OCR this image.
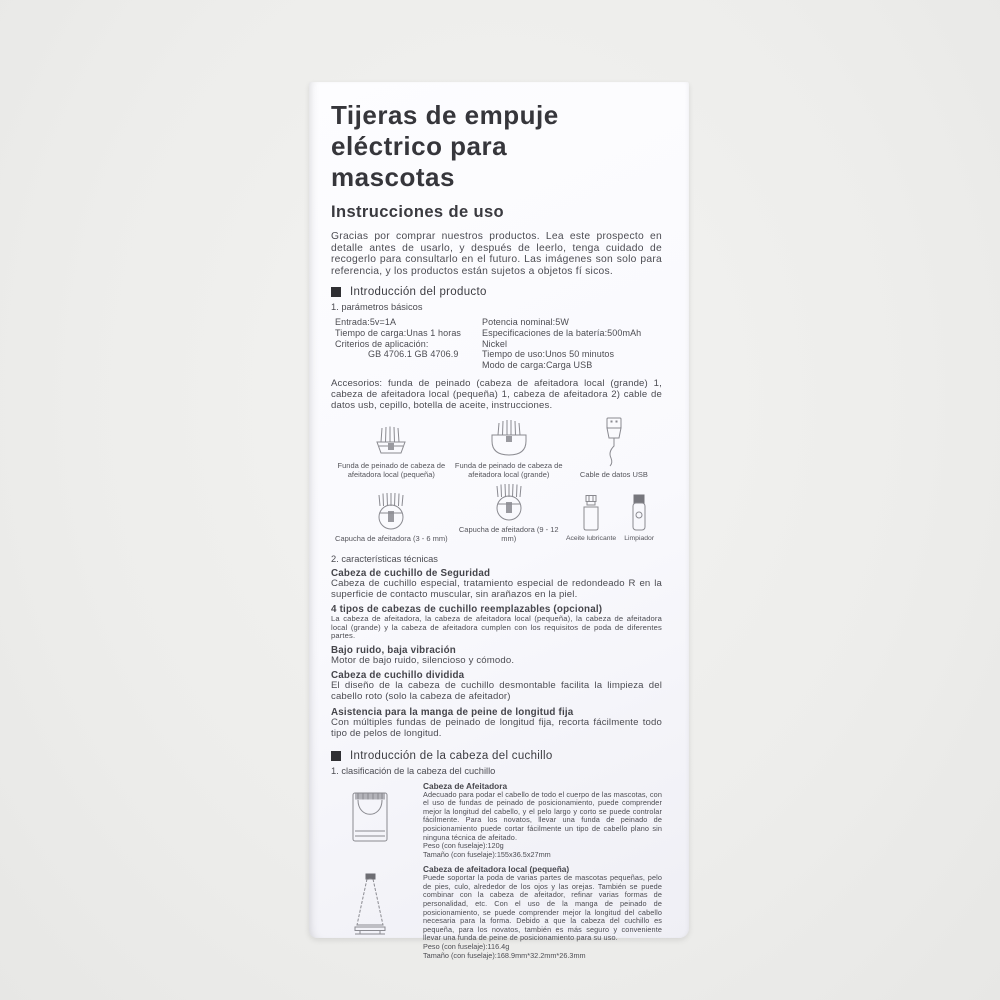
Tijeras de empuje
eléctrico para
mascotas
Instrucciones de uso

Gracias por comprar nuestros productos. Lea este prospecto en detalle antes de usarlo, y después de leerlo, tenga cuidado de recogerlo para consultarlo en el futuro. Las imágenes son solo para referencia, y los productos están sujetos a objetos fí sicos.

Introducción del producto
1. parámetros básicos
Entrada:5v=1A
Tiempo de carga:Unas 1 horas
Criterios de aplicación:
GB 4706.1 GB 4706.9
Potencia nominal:5W
Especificaciones de la batería:500mAh Nickel
Tiempo de uso:Unos 50 minutos
Modo de carga:Carga USB

Accesorios: funda de peinado (cabeza de afeitadora local (grande) 1, cabeza de afeitadora local (pequeña) 1, cabeza de afeitadora 2) cable de datos usb, cepillo, botella de aceite, instrucciones.

Funda de peinado de cabeza de afeitadora local (pequeña)
Funda de peinado de cabeza de afeitadora local (grande)	Cable de datos USB
Capucha de afeitadora (3 - 6 mm)
Capucha de afeitadora (9 - 12 mm)	Aceite lubricante Limpiador
2. características técnicas
Cabeza de cuchillo de Seguridad
Cabeza de cuchillo especial, tratamiento especial de redondeado R en la superficie de contacto muscular, sin arañazos en la piel.
4 tipos de cabezas de cuchillo reemplazables (opcional)
La cabeza de afeitadora, la cabeza de afeitadora local (pequeña), la cabeza de afeitadora local (grande) y la cabeza de afeitadora cumplen con los requisitos de poda de diferentes partes.
Bajo ruido, baja vibración
Motor de bajo ruido, silencioso y cómodo.
Cabeza de cuchillo dividida
El diseño de la cabeza de cuchillo desmontable facilita la limpieza del cabello roto (solo la cabeza de afeitador)
Asistencia para la manga de peine de longitud fija
Con múltiples fundas de peinado de longitud fija, recorta fácilmente todo tipo de pelos de longitud.
Introducción de la cabeza del cuchillo
1. clasificación de la cabeza del cuchillo
Cabeza de Afeitadora
Adecuado para podar el cabello de todo el cuerpo de las mascotas, con el uso de fundas de peinado de posicionamiento, puede comprender mejor la longitud del cabello, y el pelo largo y corto se puede controlar fácilmente. Para los novatos, llevar una funda de peinado de posicionamiento puede cortar fácilmente un tipo de cabello plano sin ninguna técnica de afeitado.
Peso (con fuselaje):120g
Tamaño (con fuselaje):155x36.5x27mm
Cabeza de afeitadora local (pequeña)
Puede soportar la poda de varias partes de mascotas pequeñas, pelo de pies, culo, alrededor de los ojos y las orejas. También se puede combinar con la cabeza de afeitador, refinar varias formas de personalidad, etc. Con el uso de la manga de peinado de posicionamiento, se puede comprender mejor la longitud del cabello necesaria para la forma. Debido a que la cabeza del cuchillo es pequeña, para los novatos, también es más seguro y conveniente llevar una funda de peine de posicionamiento para su uso.
Peso (con fuselaje):116.4g
Tamaño (con fuselaje):168.9mm*32.2mm*26.3mm
